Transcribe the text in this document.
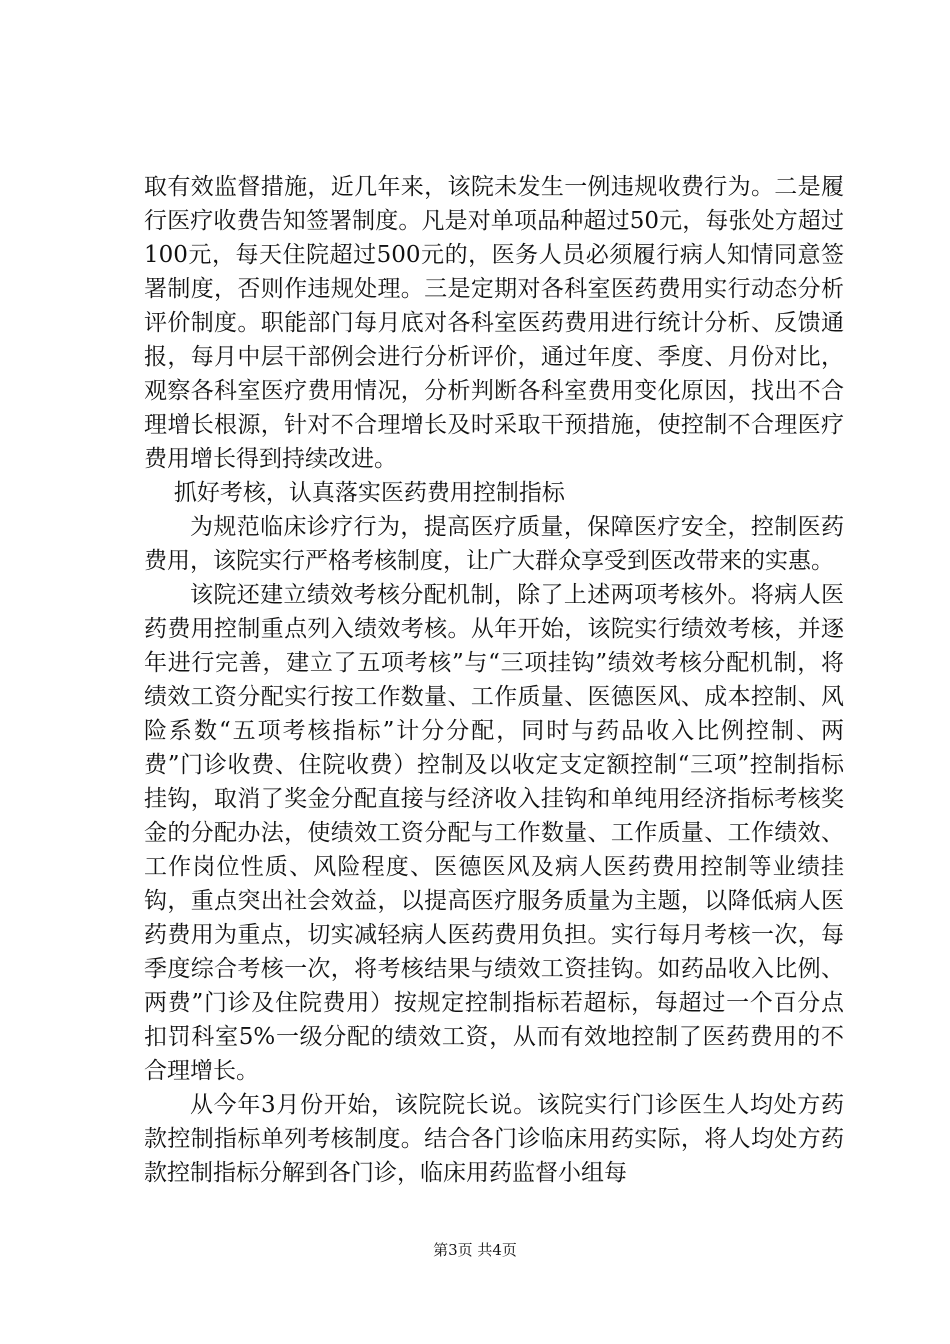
取有效监督措施，近几年来，该院未发生一例违规收费行为。二是履行医疗收费告知签署制度。凡是对单项品种超过50元，每张处方超过100元，每天住院超过500元的，医务人员必须履行病人知情同意签署制度，否则作违规处理。三是定期对各科室医药费用实行动态分析评价制度。职能部门每月底对各科室医药费用进行统计分析、反馈通报，每月中层干部例会进行分析评价，通过年度、季度、月份对比，观察各科室医疗费用情况，分析判断各科室费用变化原因，找出不合理增长根源，针对不合理增长及时采取干预措施，使控制不合理医疗费用增长得到持续改进。

抓好考核，认真落实医药费用控制指标

为规范临床诊疗行为，提高医疗质量，保障医疗安全，控制医药费用，该院实行严格考核制度，让广大群众享受到医改带来的实惠。

该院还建立绩效考核分配机制，除了上述两项考核外。将病人医药费用控制重点列入绩效考核。从年开始，该院实行绩效考核，并逐年进行完善，建立了五项考核”与“三项挂钩”绩效考核分配机制，将绩效工资分配实行按工作数量、工作质量、医德医风、成本控制、风险系数“五项考核指标”计分分配，同时与药品收入比例控制、两费”门诊收费、住院收费）控制及以收定支定额控制“三项”控制指标挂钩，取消了奖金分配直接与经济收入挂钩和单纯用经济指标考核奖金的分配办法，使绩效工资分配与工作数量、工作质量、工作绩效、工作岗位性质、风险程度、医德医风及病人医药费用控制等业绩挂钩，重点突出社会效益，以提高医疗服务质量为主题，以降低病人医药费用为重点，切实减轻病人医药费用负担。实行每月考核一次，每季度综合考核一次，将考核结果与绩效工资挂钩。如药品收入比例、两费”门诊及住院费用）按规定控制指标若超标，每超过一个百分点扣罚科室5%一级分配的绩效工资，从而有效地控制了医药费用的不合理增长。

从今年3月份开始，该院院长说。该院实行门诊医生人均处方药款控制指标单列考核制度。结合各门诊临床用药实际，将人均处方药款控制指标分解到各门诊，临床用药监督小组每

第3页 共4页
